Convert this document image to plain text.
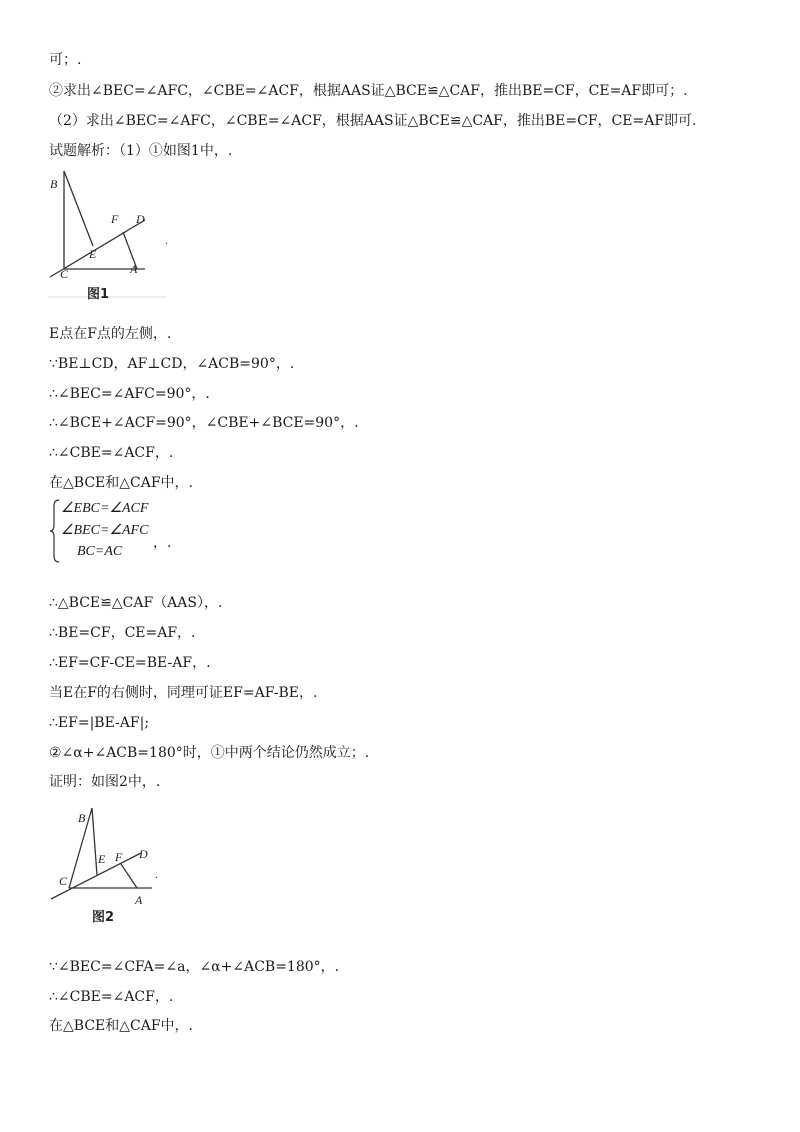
可；.
②求出∠BEC=∠AFC，∠CBE=∠ACF，根据AAS证△BCE≌△CAF，推出BE=CF，CE=AF即可；.
（2）求出∠BEC=∠AFC，∠CBE=∠ACF，根据AAS证△BCE≌△CAF，推出BE=CF，CE=AF即可.
试题解析：（1）①如图1中，.
B
F D
E
C	A
.
图1
E点在F点的左侧，.
∵BE⊥CD，AF⊥CD，∠ACB=90°，.
∴∠BEC=∠AFC=90°，.
∴∠BCE+∠ACF=90°，∠CBE+∠BCE=90°，.
∴∠CBE=∠ACF，.
在△BCE和△CAF中，.
∠EBC=∠ACF
∠BEC=∠AFC
BC=AC
，.
∴△BCE≌△CAF（AAS），.
∴BE=CF，CE=AF，.
∴EF=CF-CE=BE-AF，.
当E在F的右侧时，同理可证EF=AF-BE，.
∴EF=|BE-AF|;
②∠α+∠ACB=180°时，①中两个结论仍然成立；.
证明：如图2中，.
B
E F D
C
A
.
图2
∵∠BEC=∠CFA=∠a，∠α+∠ACB=180°，.
∴∠CBE=∠ACF，.
在△BCE和△CAF中，.
